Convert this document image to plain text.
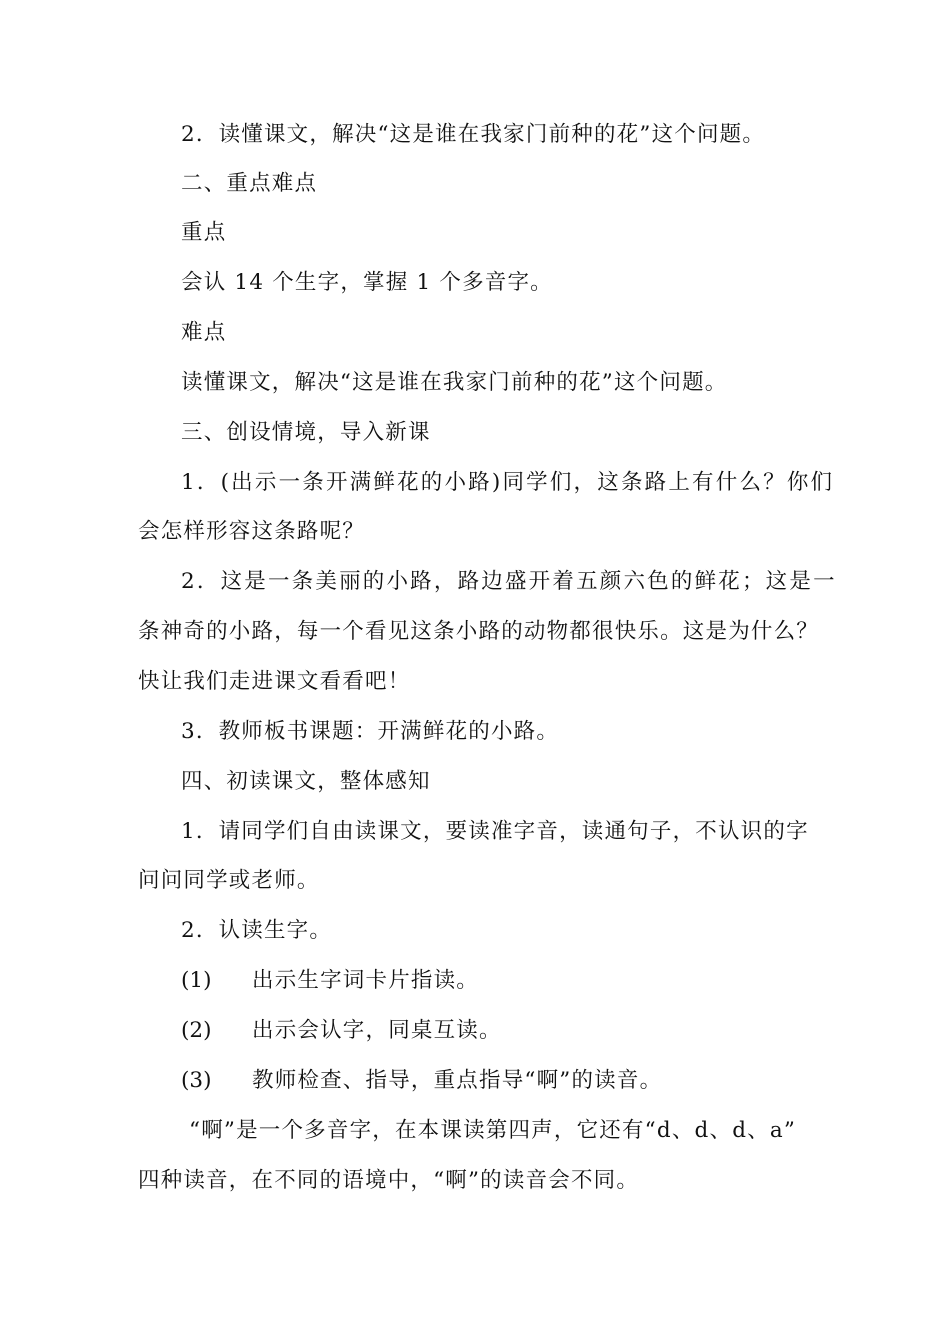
2．读懂课文，解决“这是谁在我家门前种的花”这个问题。
二、重点难点
重点
会认 14 个生字，掌握 1 个多音字。
难点
读懂课文，解决“这是谁在我家门前种的花”这个问题。
三、创设情境，导入新课
1．(出示一条开满鲜花的小路)同学们，这条路上有什么？你们
会怎样形容这条路呢？
2．这是一条美丽的小路，路边盛开着五颜六色的鲜花；这是一
条神奇的小路，每一个看见这条小路的动物都很快乐。这是为什么？
快让我们走进课文看看吧！
3．教师板书课题：开满鲜花的小路。
四、初读课文，整体感知
1．请同学们自由读课文，要读准字音，读通句子，不认识的字
问问同学或老师。
2．认读生字。
(1) 出示生字词卡片指读。
(2) 出示会认字，同桌互读。
(3) 教师检查、指导，重点指导“啊”的读音。
“啊”是一个多音字，在本课读第四声，它还有“d、d、d、a”
四种读音，在不同的语境中，“啊”的读音会不同。
